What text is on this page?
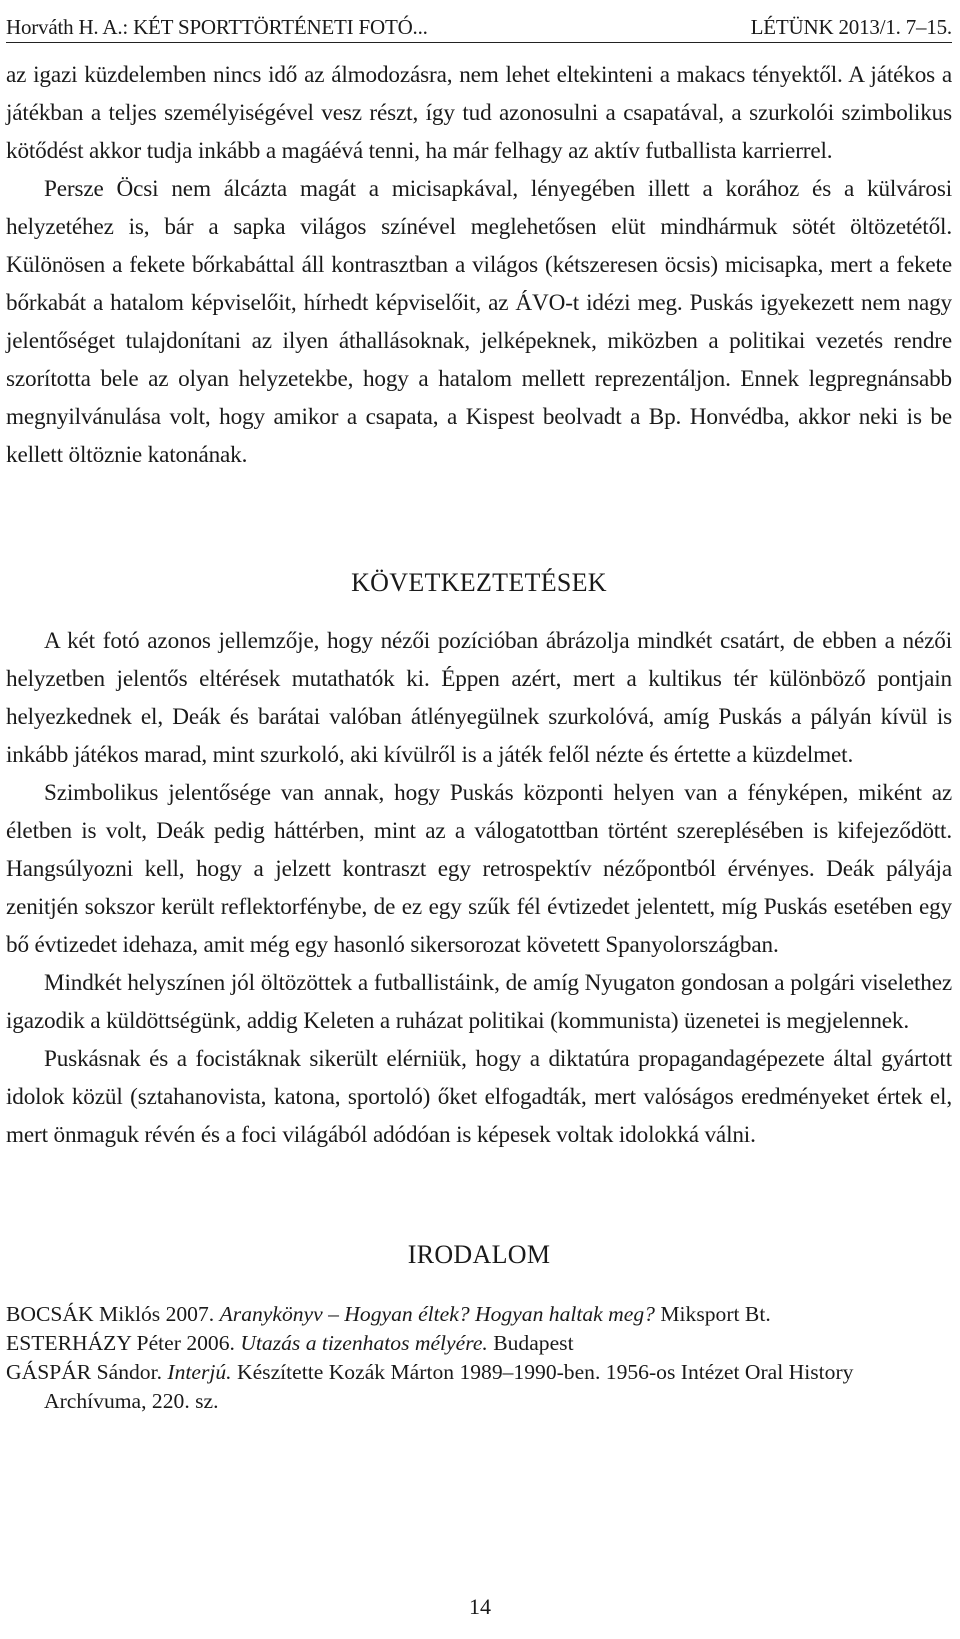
Horváth H. A.: KÉT SPORTTÖRTÉNETI FOTÓ...	LÉTÜNK 2013/1. 7–15.

az igazi küzdelemben nincs idő az álmodozásra, nem lehet eltekinteni a makacs tényektől. A játékos a játékban a teljes személyiségével vesz részt, így tud azonosulni a csapatával, a szurkolói szimbolikus kötődést akkor tudja inkább a magáévá tenni, ha már felhagy az aktív futballista karrierrel.

Persze Öcsi nem álcázta magát a micisapkával, lényegében illett a korához és a külvárosi helyzetéhez is, bár a sapka világos színével meglehetősen elüt mindhármuk sötét öltözetétől. Különösen a fekete bőrkabáttal áll kontrasztban a világos (kétszeresen öcsis) micisapka, mert a fekete bőrkabát a hatalom képviselőit, hírhedt képviselőit, az ÁVO-t idézi meg. Puskás igyekezett nem nagy jelentőséget tulajdonítani az ilyen áthallásoknak, jelképeknek, miközben a politikai vezetés rendre szorította bele az olyan helyzetekbe, hogy a hatalom mellett reprezentáljon. Ennek legpregnánsabb megnyilvánulása volt, hogy amikor a csapata, a Kispest beolvadt a Bp. Honvédba, akkor neki is be kellett öltöznie katonának.

KÖVETKEZTETÉSEK

A két fotó azonos jellemzője, hogy nézői pozícióban ábrázolja mindkét csatárt, de ebben a nézői helyzetben jelentős eltérések mutathatók ki. Éppen azért, mert a kultikus tér különböző pontjain helyezkednek el, Deák és barátai valóban átlényegülnek szurkolóvá, amíg Puskás a pályán kívül is inkább játékos marad, mint szurkoló, aki kívülről is a játék felől nézte és értette a küzdelmet.

Szimbolikus jelentősége van annak, hogy Puskás központi helyen van a fényképen, miként az életben is volt, Deák pedig háttérben, mint az a válogatottban történt szereplésében is kifejeződött. Hangsúlyozni kell, hogy a jelzett kontraszt egy retrospektív nézőpontból érvényes. Deák pályája zenitjén sokszor került reflektorfénybe, de ez egy szűk fél évtizedet jelentett, míg Puskás esetében egy bő évtizedet idehaza, amit még egy hasonló sikersorozat követett Spanyolországban.

Mindkét helyszínen jól öltözöttek a futballistáink, de amíg Nyugaton gondosan a polgári viselethez igazodik a küldöttségünk, addig Keleten a ruházat politikai (kommunista) üzenetei is megjelennek.

Puskásnak és a focistáknak sikerült elérniük, hogy a diktatúra propagandagépezete által gyártott idolok közül (sztahanovista, katona, sportoló) őket elfogadták, mert valóságos eredményeket értek el, mert önmaguk révén és a foci világából adódóan is képesek voltak idolokká válni.

IRODALOM

BOCSÁK Miklós 2007. Aranykönyv – Hogyan éltek? Hogyan haltak meg? Miksport Bt.

ESTERHÁZY Péter 2006. Utazás a tizenhatos mélyére. Budapest

GÁSPÁR Sándor. Interjú. Készítette Kozák Márton 1989–1990-ben. 1956-os Intézet Oral History Archívuma, 220. sz.

14
